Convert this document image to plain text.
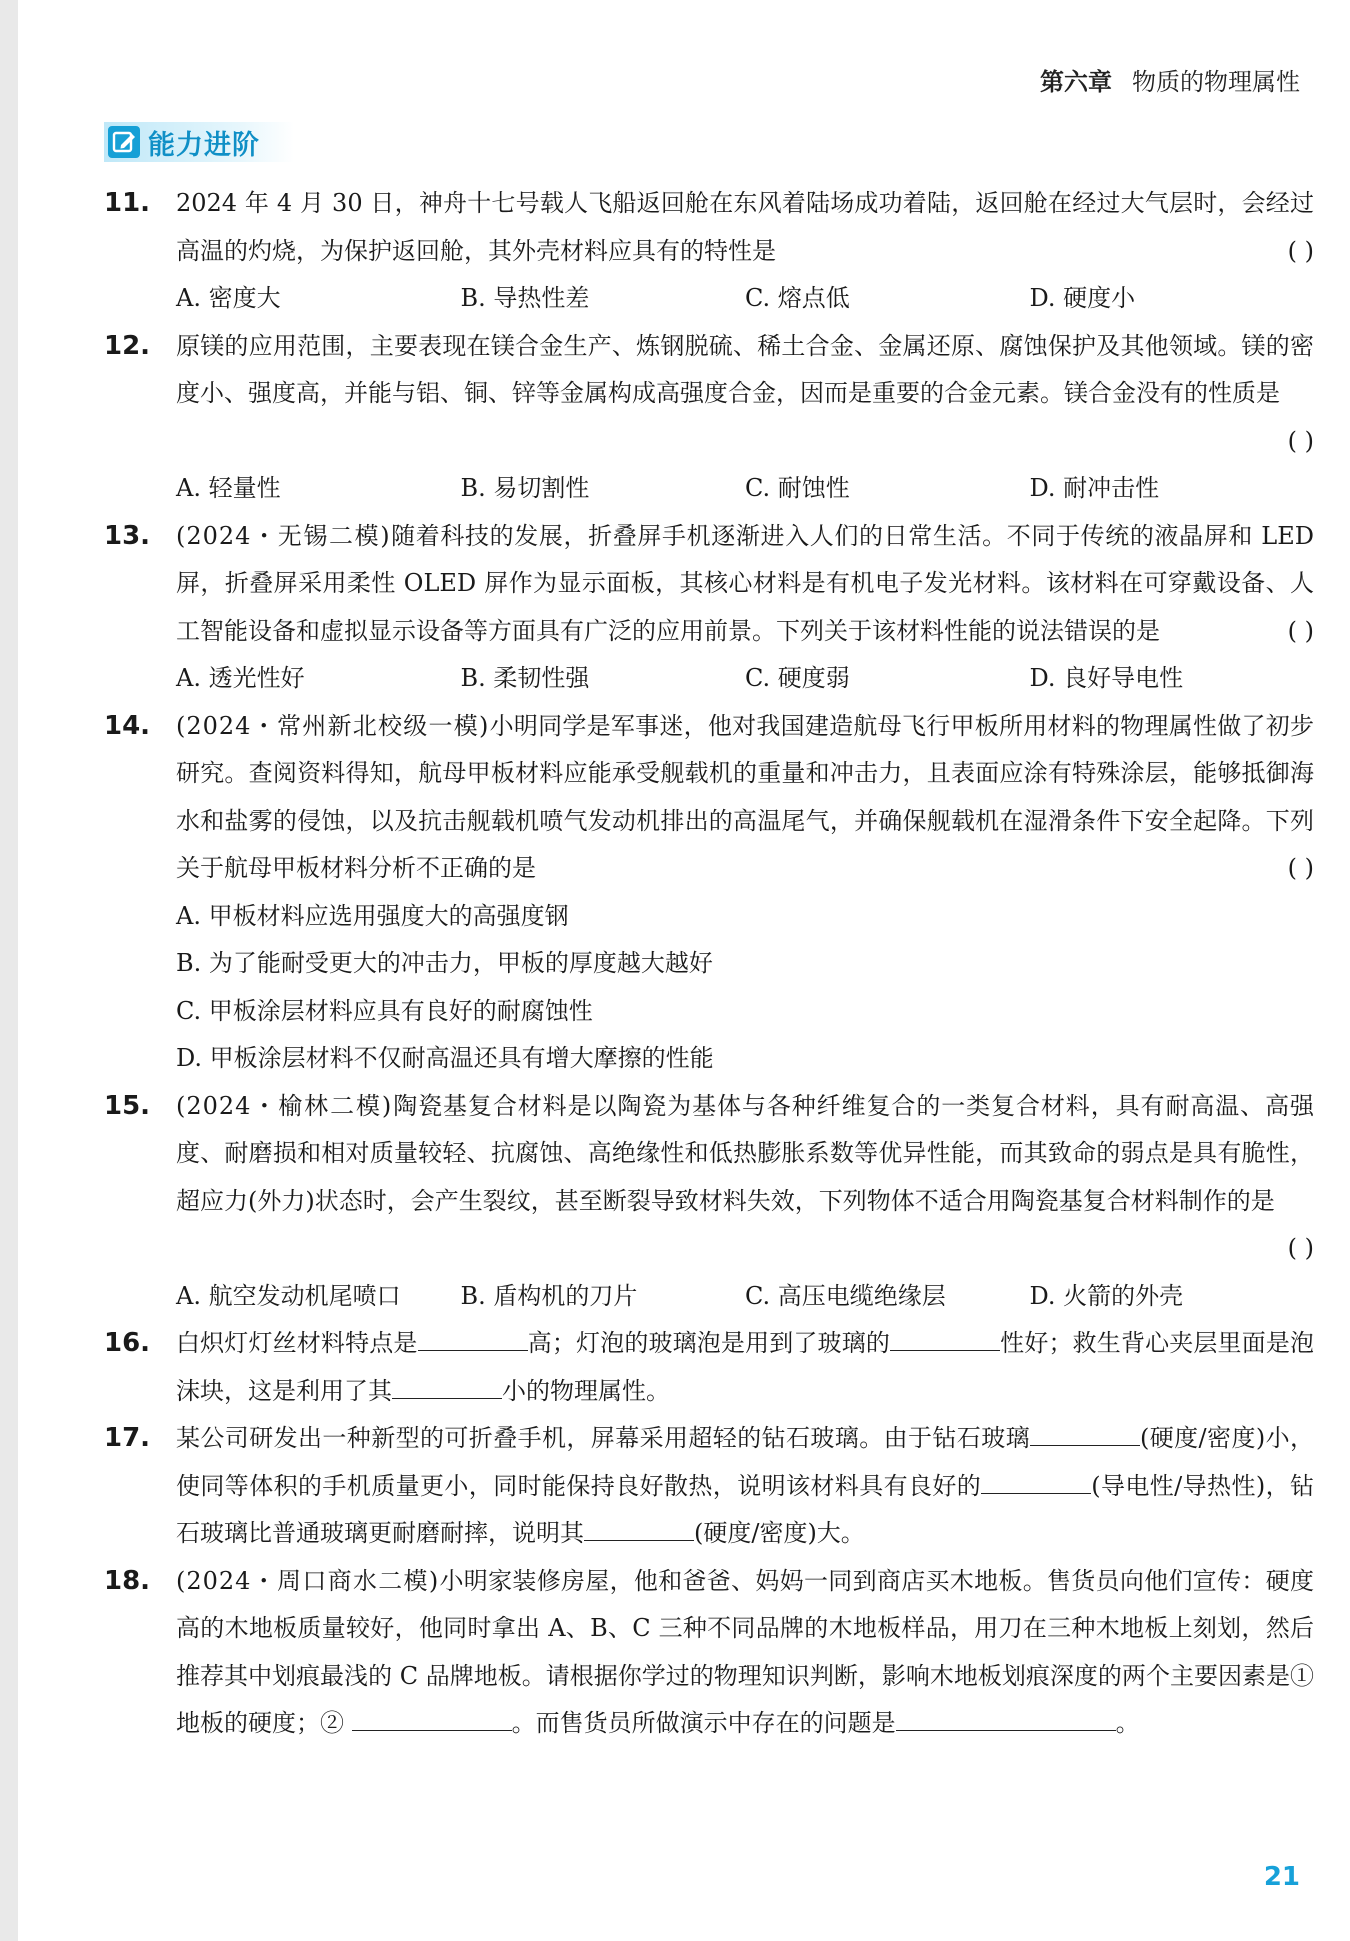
第六章 物质的物理属性
能力进阶
11.	2024 年 4 月 30 日，神舟十七号载人飞船返回舱在东风着陆场成功着陆，返回舱在经过大气层时，会经过高温的灼烧，为保护返回舱，其外壳材料应具有的特性是	( )
A. 密度大	B. 导热性差	C. 熔点低	D. 硬度小
12.	原镁的应用范围，主要表现在镁合金生产、炼钢脱硫、稀土合金、金属还原、腐蚀保护及其他领域。镁的密度小、强度高，并能与铝、铜、锌等金属构成高强度合金，因而是重要的合金元素。镁合金没有的性质是
( )
A. 轻量性	B. 易切割性	C. 耐蚀性	D. 耐冲击性
13.	(2024・无锡二模)随着科技的发展，折叠屏手机逐渐进入人们的日常生活。不同于传统的液晶屏和 LED 屏，折叠屏采用柔性 OLED 屏作为显示面板，其核心材料是有机电子发光材料。该材料在可穿戴设备、人工智能设备和虚拟显示设备等方面具有广泛的应用前景。下列关于该材料性能的说法错误的是	( )
A. 透光性好	B. 柔韧性强	C. 硬度弱	D. 良好导电性
14.	(2024・常州新北校级一模)小明同学是军事迷，他对我国建造航母飞行甲板所用材料的物理属性做了初步研究。查阅资料得知，航母甲板材料应能承受舰载机的重量和冲击力，且表面应涂有特殊涂层，能够抵御海水和盐雾的侵蚀，以及抗击舰载机喷气发动机排出的高温尾气，并确保舰载机在湿滑条件下安全起降。下列关于航母甲板材料分析不正确的是	( )
A. 甲板材料应选用强度大的高强度钢
B. 为了能耐受更大的冲击力，甲板的厚度越大越好
C. 甲板涂层材料应具有良好的耐腐蚀性
D. 甲板涂层材料不仅耐高温还具有增大摩擦的性能
15.	(2024・榆林二模)陶瓷基复合材料是以陶瓷为基体与各种纤维复合的一类复合材料，具有耐高温、高强度、耐磨损和相对质量较轻、抗腐蚀、高绝缘性和低热膨胀系数等优异性能，而其致命的弱点是具有脆性，超应力(外力)状态时，会产生裂纹，甚至断裂导致材料失效，下列物体不适合用陶瓷基复合材料制作的是
( )
A. 航空发动机尾喷口	B. 盾构机的刀片	C. 高压电缆绝缘层	D. 火箭的外壳
16.	白炽灯灯丝材料特点是	高；灯泡的玻璃泡是用到了玻璃的	性好；救生背心夹层里面是泡沫块，这是利用了其	小的物理属性。
17.	某公司研发出一种新型的可折叠手机，屏幕采用超轻的钻石玻璃。由于钻石玻璃	(硬度/密度)小，使同等体积的手机质量更小，同时能保持良好散热，说明该材料具有良好的	(导电性/导热性)，钻石玻璃比普通玻璃更耐磨耐摔，说明其	(硬度/密度)大。
18.	(2024・周口商水二模)小明家装修房屋，他和爸爸、妈妈一同到商店买木地板。售货员向他们宣传：硬度高的木地板质量较好，他同时拿出 A、B、C 三种不同品牌的木地板样品，用刀在三种木地板上刻划，然后推荐其中划痕最浅的 C 品牌地板。请根据你学过的物理知识判断，影响木地板划痕深度的两个主要因素是① 地板的硬度；②	。而售货员所做演示中存在的问题是	。
21
